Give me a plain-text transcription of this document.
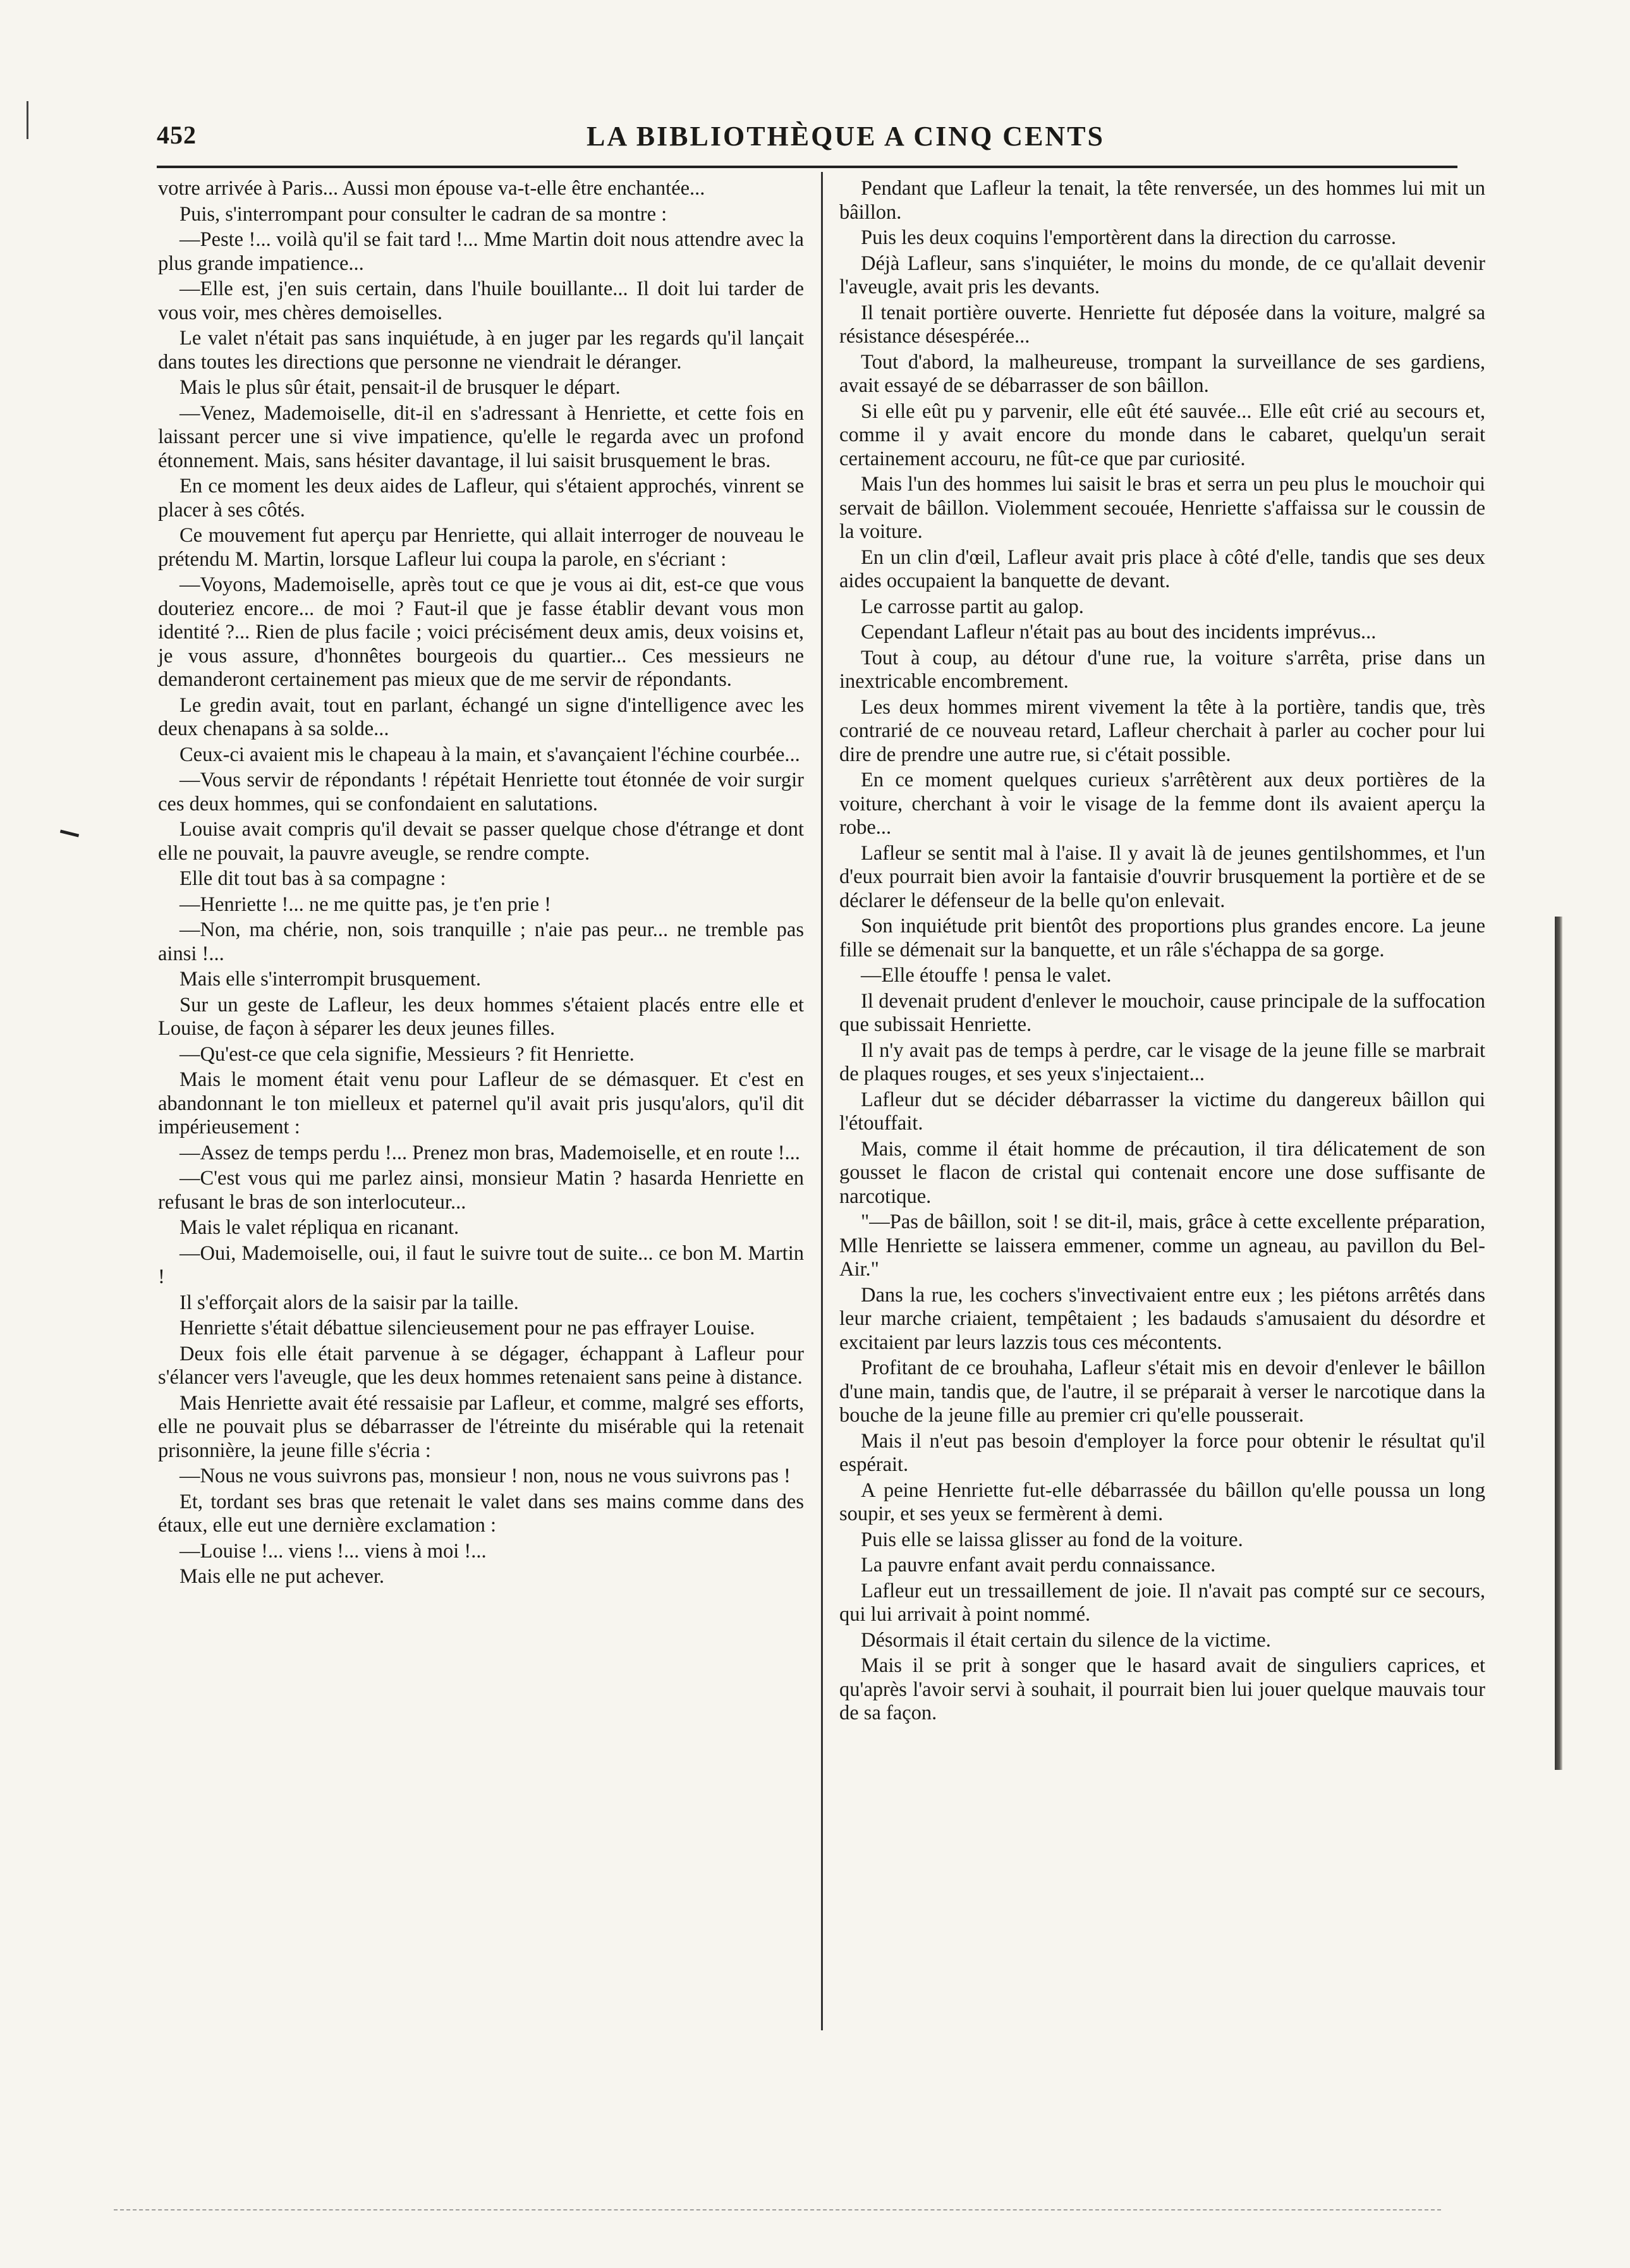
452	LA BIBLIOTHÈQUE A CINQ CENTS

votre arrivée à Paris... Aussi mon épouse va-t-elle être enchantée...

Puis, s'interrompant pour consulter le cadran de sa montre :

—Peste !... voilà qu'il se fait tard !... Mme Martin doit nous attendre avec la plus grande impatience...

—Elle est, j'en suis certain, dans l'huile bouillante... Il doit lui tarder de vous voir, mes chères demoiselles.

Le valet n'était pas sans inquiétude, à en juger par les regards qu'il lançait dans toutes les directions que personne ne viendrait le déranger.

Mais le plus sûr était, pensait-il de brusquer le départ.

—Venez, Mademoiselle, dit-il en s'adressant à Henriette, et cette fois en laissant percer une si vive impatience, qu'elle le regarda avec un profond étonnement. Mais, sans hésiter davantage, il lui saisit brusquement le bras.

En ce moment les deux aides de Lafleur, qui s'étaient approchés, vinrent se placer à ses côtés.

Ce mouvement fut aperçu par Henriette, qui allait interroger de nouveau le prétendu M. Martin, lorsque Lafleur lui coupa la parole, en s'écriant :

—Voyons, Mademoiselle, après tout ce que je vous ai dit, est-ce que vous douteriez encore... de moi ? Faut-il que je fasse établir devant vous mon identité ?... Rien de plus facile ; voici précisément deux amis, deux voisins et, je vous assure, d'honnêtes bourgeois du quartier... Ces messieurs ne demanderont certainement pas mieux que de me servir de répondants.

Le gredin avait, tout en parlant, échangé un signe d'intelligence avec les deux chenapans à sa solde...

Ceux-ci avaient mis le chapeau à la main, et s'avançaient l'échine courbée...

—Vous servir de répondants ! répétait Henriette tout étonnée de voir surgir ces deux hommes, qui se confondaient en salutations.

Louise avait compris qu'il devait se passer quelque chose d'étrange et dont elle ne pouvait, la pauvre aveugle, se rendre compte.

Elle dit tout bas à sa compagne :

—Henriette !... ne me quitte pas, je t'en prie !

—Non, ma chérie, non, sois tranquille ; n'aie pas peur... ne tremble pas ainsi !...

Mais elle s'interrompit brusquement.

Sur un geste de Lafleur, les deux hommes s'étaient placés entre elle et Louise, de façon à séparer les deux jeunes filles.

—Qu'est-ce que cela signifie, Messieurs ? fit Henriette.

Mais le moment était venu pour Lafleur de se démasquer. Et c'est en abandonnant le ton mielleux et paternel qu'il avait pris jusqu'alors, qu'il dit impérieusement :

—Assez de temps perdu !... Prenez mon bras, Mademoiselle, et en route !...

—C'est vous qui me parlez ainsi, monsieur Matin ? hasarda Henriette en refusant le bras de son interlocuteur...

Mais le valet répliqua en ricanant.

—Oui, Mademoiselle, oui, il faut le suivre tout de suite... ce bon M. Martin !

Il s'efforçait alors de la saisir par la taille.

Henriette s'était débattue silencieusement pour ne pas effrayer Louise.

Deux fois elle était parvenue à se dégager, échappant à Lafleur pour s'élancer vers l'aveugle, que les deux hommes retenaient sans peine à distance.

Mais Henriette avait été ressaisie par Lafleur, et comme, malgré ses efforts, elle ne pouvait plus se débarrasser de l'étreinte du misérable qui la retenait prisonnière, la jeune fille s'écria :

—Nous ne vous suivrons pas, monsieur ! non, nous ne vous suivrons pas !

Et, tordant ses bras que retenait le valet dans ses mains comme dans des étaux, elle eut une dernière exclamation :

—Louise !... viens !... viens à moi !...

Mais elle ne put achever.

Pendant que Lafleur la tenait, la tête renversée, un des hommes lui mit un bâillon.

Puis les deux coquins l'emportèrent dans la direction du carrosse.

Déjà Lafleur, sans s'inquiéter, le moins du monde, de ce qu'allait devenir l'aveugle, avait pris les devants.

Il tenait portière ouverte. Henriette fut déposée dans la voiture, malgré sa résistance désespérée...

Tout d'abord, la malheureuse, trompant la surveillance de ses gardiens, avait essayé de se débarrasser de son bâillon.

Si elle eût pu y parvenir, elle eût été sauvée... Elle eût crié au secours et, comme il y avait encore du monde dans le cabaret, quelqu'un serait certainement accouru, ne fût-ce que par curiosité.

Mais l'un des hommes lui saisit le bras et serra un peu plus le mouchoir qui servait de bâillon. Violemment secouée, Henriette s'affaissa sur le coussin de la voiture.

En un clin d'œil, Lafleur avait pris place à côté d'elle, tandis que ses deux aides occupaient la banquette de devant.

Le carrosse partit au galop.

Cependant Lafleur n'était pas au bout des incidents imprévus...

Tout à coup, au détour d'une rue, la voiture s'arrêta, prise dans un inextricable encombrement.

Les deux hommes mirent vivement la tête à la portière, tandis que, très contrarié de ce nouveau retard, Lafleur cherchait à parler au cocher pour lui dire de prendre une autre rue, si c'était possible.

En ce moment quelques curieux s'arrêtèrent aux deux portières de la voiture, cherchant à voir le visage de la femme dont ils avaient aperçu la robe...

Lafleur se sentit mal à l'aise. Il y avait là de jeunes gentilshommes, et l'un d'eux pourrait bien avoir la fantaisie d'ouvrir brusquement la portière et de se déclarer le défenseur de la belle qu'on enlevait.

Son inquiétude prit bientôt des proportions plus grandes encore. La jeune fille se démenait sur la banquette, et un râle s'échappa de sa gorge.

—Elle étouffe ! pensa le valet.

Il devenait prudent d'enlever le mouchoir, cause principale de la suffocation que subissait Henriette.

Il n'y avait pas de temps à perdre, car le visage de la jeune fille se marbrait de plaques rouges, et ses yeux s'injectaient...

Lafleur dut se décider débarrasser la victime du dangereux bâillon qui l'étouffait.

Mais, comme il était homme de précaution, il tira délicatement de son gousset le flacon de cristal qui contenait encore une dose suffisante de narcotique.

"—Pas de bâillon, soit ! se dit-il, mais, grâce à cette excellente préparation, Mlle Henriette se laissera emmener, comme un agneau, au pavillon du Bel-Air."

Dans la rue, les cochers s'invectivaient entre eux ; les piétons arrêtés dans leur marche criaient, tempêtaient ; les badauds s'amusaient du désordre et excitaient par leurs lazzis tous ces mécontents.

Profitant de ce brouhaha, Lafleur s'était mis en devoir d'enlever le bâillon d'une main, tandis que, de l'autre, il se préparait à verser le narcotique dans la bouche de la jeune fille au premier cri qu'elle pousserait.

Mais il n'eut pas besoin d'employer la force pour obtenir le résultat qu'il espérait.

A peine Henriette fut-elle débarrassée du bâillon qu'elle poussa un long soupir, et ses yeux se fermèrent à demi.

Puis elle se laissa glisser au fond de la voiture.

La pauvre enfant avait perdu connaissance.

Lafleur eut un tressaillement de joie. Il n'avait pas compté sur ce secours, qui lui arrivait à point nommé.

Désormais il était certain du silence de la victime.

Mais il se prit à songer que le hasard avait de singuliers caprices, et qu'après l'avoir servi à souhait, il pourrait bien lui jouer quelque mauvais tour de sa façon.
